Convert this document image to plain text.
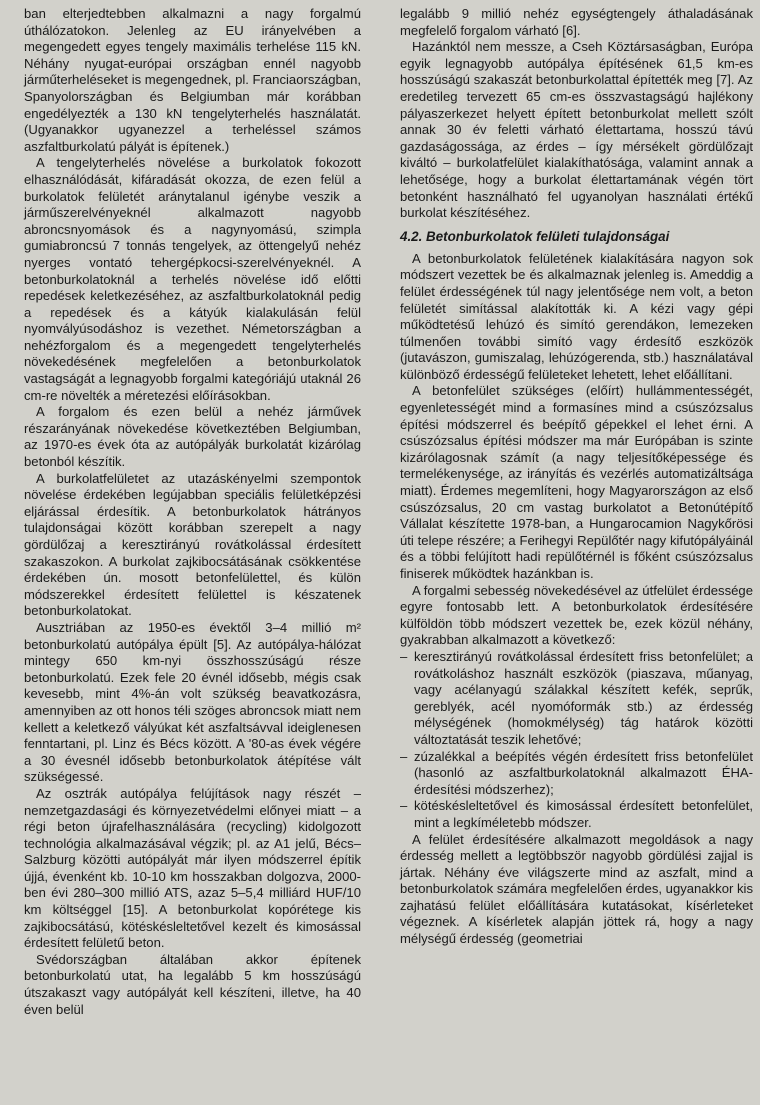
ban elterjedtebben alkalmazni a nagy forgalmú úthálózatokon. Jelenleg az EU irányelvében a megengedett egyes tengely maximális terhelése 115 kN. Néhány nyugat-európai országban ennél nagyobb járműterheléseket is megengednek, pl. Franciaországban, Spanyolországban és Belgiumban már korábban engedélyezték a 130 kN tengelyterhelés használatát. (Ugyanakkor ugyanezzel a terheléssel számos aszfaltburkolatú pályát is építenek.)

A tengelyterhelés növelése a burkolatok fokozott elhasználódását, kifáradását okozza, de ezen felül a burkolatok felületét aránytalanul igénybe veszik a járműszerelvényeknél alkalmazott nagyobb abroncsnyomások és a nagynyomású, szimpla gumiabroncsú 7 tonnás tengelyek, az öttengelyű nehéz nyerges vontató tehergépkocsi-szerelvényeknél. A betonburkolatoknál a terhelés növelése idő előtti repedések keletkezéséhez, az aszfaltburkolatoknál pedig a repedések és a kátyúk kialakulásán felül nyomvályúsodáshoz is vezethet. Németországban a nehézforgalom és a megengedett tengelyterhelés növekedésének megfelelően a betonburkolatok vastagságát a legnagyobb forgalmi kategóriájú utaknál 26 cm-re növelték a méretezési előírásokban.

A forgalom és ezen belül a nehéz járművek részarányának növekedése következtében Belgiumban, az 1970-es évek óta az autópályák burkolatát kizárólag betonból készítik.

A burkolatfelületet az utazáskényelmi szempontok növelése érdekében legújabban speciális felületképzési eljárással érdesítik. A betonburkolatok hátrányos tulajdonságai között korábban szerepelt a nagy gördülőzaj a keresztirányú rovátkolással érdesített szakaszokon. A burkolat zajkibocsátásának csökkentése érdekében ún. mosott betonfelülettel, és külön módszerekkel érdesített felülettel is készatenek betonburkolatokat.

Ausztriában az 1950-es évektől 3–4 millió m² betonburkolatú autópálya épült [5]. Az autópálya-hálózat mintegy 650 km-nyi összhosszúságú része betonburkolatú. Ezek fele 20 évnél idősebb, mégis csak kevesebb, mint 4%-án volt szükség beavatkozásra, amennyiben az ott honos téli szöges abroncsok miatt nem kellett a keletkező vályúkat két aszfaltsávval ideiglenesen fenntartani, pl. Linz és Bécs között. A '80-as évek végére a 30 évesnél idősebb betonburkolatok átépítése vált szükségessé.

Az osztrák autópálya felújítások nagy részét – nemzetgazdasági és környezetvédelmi előnyei miatt – a régi beton újrafelhasználására (recycling) kidolgozott technológia alkalmazásával végzik; pl. az A1 jelű, Bécs–Salzburg közötti autópályát már ilyen módszerrel építik újjá, évenként kb. 10-10 km hosszakban dolgozva, 2000-ben évi 280–300 millió ATS, azaz 5–5,4 milliárd HUF/10 km költséggel [15]. A betonburkolat kopórétege kis zajkibocsátású, kötéskésleltetővel kezelt és kimosással érdesített felületű beton.

Svédországban általában akkor építenek betonburkolatú utat, ha legalább 5 km hosszúságú útszakaszt vagy autópályát kell készíteni, illetve, ha 40 éven belül

legalább 9 millió nehéz egységtengely áthaladásának megfelelő forgalom várható [6].

Hazánktól nem messze, a Cseh Köztársaságban, Európa egyik legnagyobb autópálya építésének 61,5 km-es hosszúságú szakaszát betonburkolattal építették meg [7]. Az eredetileg tervezett 65 cm-es összvastagságú hajlékony pályaszerkezet helyett épített betonburkolat mellett szólt annak 30 év feletti várható élettartama, hosszú távú gazdaságossága, az érdes – így mérsékelt gördülőzajt kiváltó – burkolatfelület kialakíthatósága, valamint annak a lehetősége, hogy a burkolat élettartamának végén tört betonként használható fel ugyanolyan használati értékű burkolat készítéséhez.

4.2. Betonburkolatok felületi tulajdonságai

A betonburkolatok felületének kialakítására nagyon sok módszert vezettek be és alkalmaznak jelenleg is. Ameddig a felület érdességének túl nagy jelentősége nem volt, a beton felületét simítással alakították ki. A kézi vagy gépi működtetésű lehúzó és simító gerendákon, lemezeken túlmenően további simító vagy érdesítő eszközök (jutavászon, gumiszalag, lehúzógerenda, stb.) használatával különböző érdességű felületeket lehetett, lehet előállítani.

A betonfelület szükséges (előírt) hullámmentességét, egyenletességét mind a formasínes mind a csúszózsalus építési módszerrel és beépítő gépekkel el lehet érni. A csúszózsalus építési módszer ma már Európában is szinte kizárólagosnak számít (a nagy teljesítőképessége és termelékenysége, az irányítás és vezérlés automatizáltsága miatt). Érdemes megemlíteni, hogy Magyarországon az első csúszózsalus, 20 cm vastag burkolatot a Betonútépítő Vállalat készítette 1978-ban, a Hungarocamion Nagykőrösi úti telepe részére; a Ferihegyi Repülőtér nagy kifutópályáinál és a többi felújított hadi repülőtérnél is főként csúszózsalus finiserek működtek hazánkban is.

A forgalmi sebesség növekedésével az útfelület érdessége egyre fontosabb lett. A betonburkolatok érdesítésére külföldön több módszert vezettek be, ezek közül néhány, gyakrabban alkalmazott a következő:

– keresztirányú rovátkolással érdesített friss betonfelület; a rovátkoláshoz használt eszközök (piaszava, műanyag, vagy acélanyagú szálakkal készített kefék, seprűk, gereblyék, acél nyomóformák stb.) az érdesség mélységének (homokmélység) tág határok közötti változtatását teszik lehetővé;

– zúzalékkal a beépítés végén érdesített friss betonfelület (hasonló az aszfaltburkolatoknál alkalmazott ÉHA-érdesítési módszerhez);

– kötéskésleltetővel és kimosással érdesített betonfelület, mint a legkíméletebb módszer.

A felület érdesítésére alkalmazott megoldások a nagy érdesség mellett a legtöbbször nagyobb gördülési zajjal is jártak. Néhány éve világszerte mind az aszfalt, mind a betonburkolatok számára megfelelően érdes, ugyanakkor kis zajhatású felület előállítására kutatásokat, kísérleteket végeznek. A kísérletek alapján jöttek rá, hogy a nagy mélységű érdesség (geometriai
